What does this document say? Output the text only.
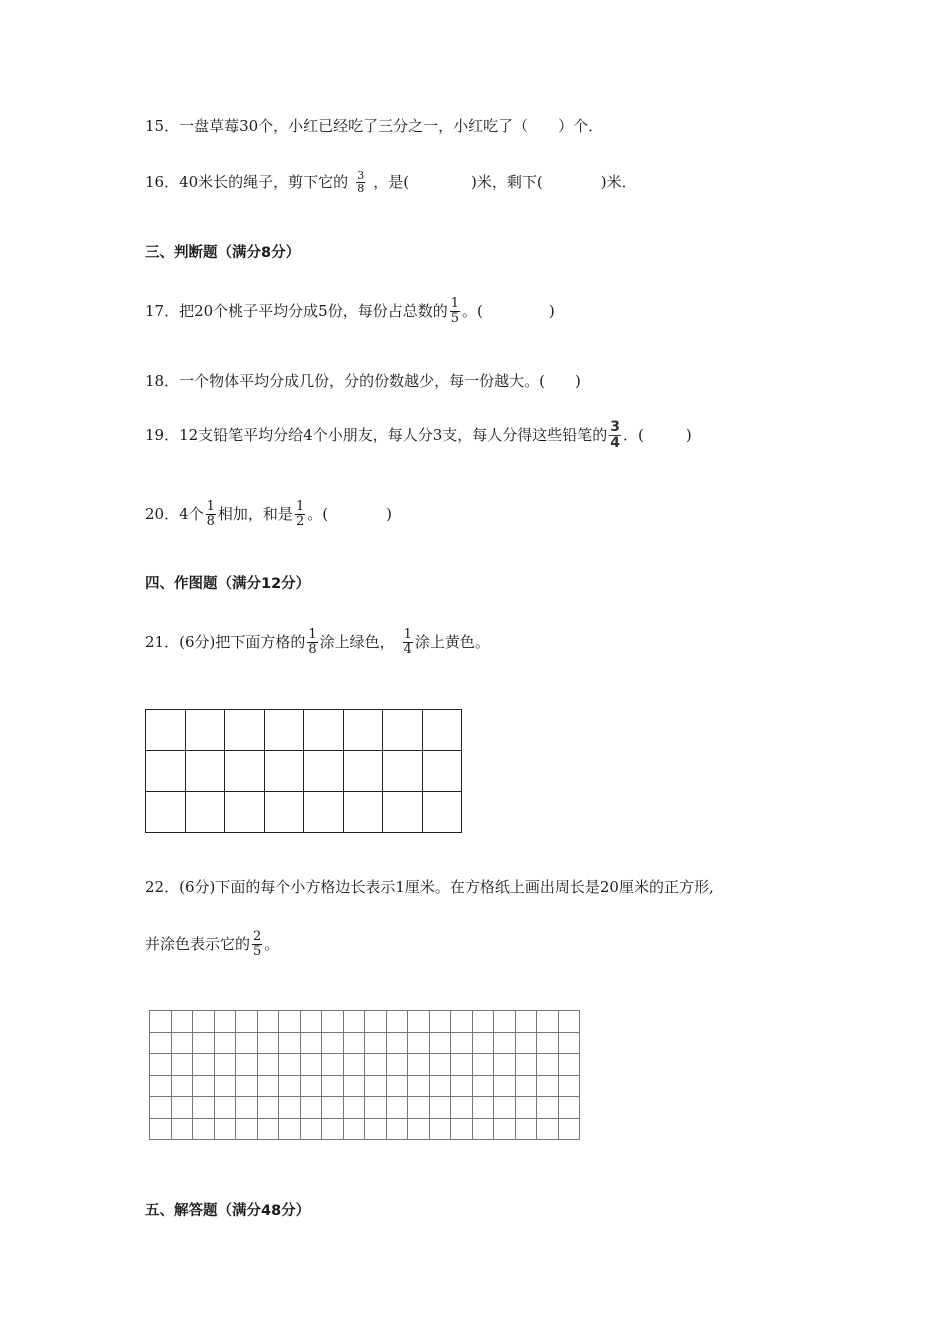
15．一盘草莓30个，小红已经吃了三分之一，小红吃了（　　）个．
16．40米长的绳子，剪下它的 $\frac{3}{8}$ ，是(	)米，剩下(	)米．
三、判断题（满分8分）
17．把20个桃子平均分成5份，每份占总数的 $\frac{1}{5}$ 。(	)
18．一个物体平均分成几份，分的份数越少，每一份越大。(　　)
19．12支铅笔平均分给4个小朋友，每人分3支，每人分得这些铅笔的 $\frac{3}{4}$ ．(	)
20．4个 $\frac{1}{8}$ 相加，和是 $\frac{1}{2}$ 。(	)
四、作图题（满分12分）
21．(6分)把下面方格的 $\frac{1}{8}$ 涂上绿色， $\frac{1}{4}$ 涂上黄色。

22．(6分)下面的每个小方格边长表示1厘米。在方格纸上画出周长是20厘米的正方形,
并涂色表示它的 $\frac{2}{5}$ 。

五、解答题（满分48分）
